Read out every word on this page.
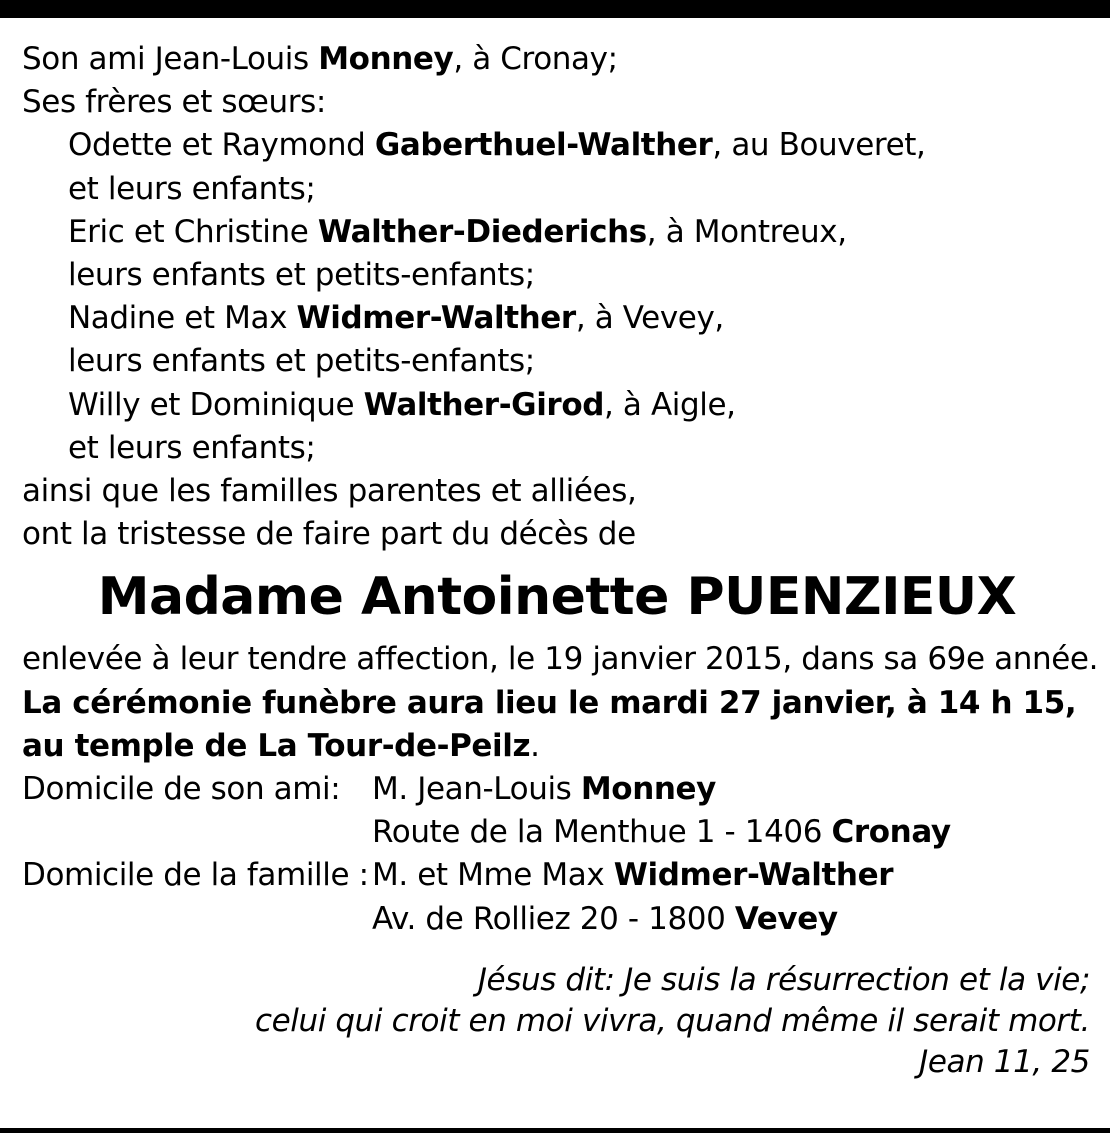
Son ami Jean-Louis Monney, à Cronay;
Ses frères et sœurs:
Odette et Raymond Gaberthuel-Walther, au Bouveret,
et leurs enfants;
Eric et Christine Walther-Diederichs, à Montreux,
leurs enfants et petits-enfants;
Nadine et Max Widmer-Walther, à Vevey,
leurs enfants et petits-enfants;
Willy et Dominique Walther-Girod, à Aigle,
et leurs enfants;
ainsi que les familles parentes et alliées,
ont la tristesse de faire part du décès de
Madame Antoinette PUENZIEUX
enlevée à leur tendre affection, le 19 janvier 2015, dans sa 69e année.
La cérémonie funèbre aura lieu le mardi 27 janvier, à 14 h 15, au temple de La Tour-de-Peilz.
Domicile de son ami:	M. Jean-Louis Monney
Route de la Menthue 1 - 1406 Cronay
Domicile de la famille : M. et Mme Max Widmer-Walther
Av. de Rolliez 20 - 1800 Vevey
Jésus dit: Je suis la résurrection et la vie;
celui qui croit en moi vivra, quand même il serait mort.
Jean 11, 25
